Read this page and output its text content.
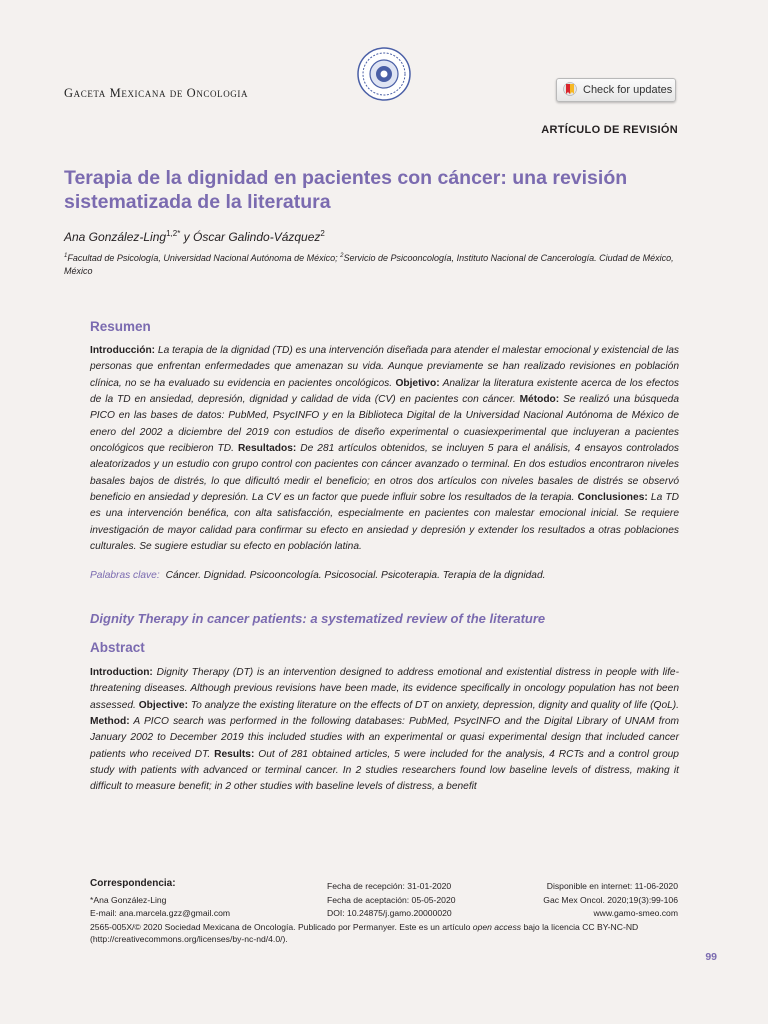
Gaceta Mexicana de Oncologia	Check for updates
ARTÍCULO DE REVISIÓN
Terapia de la dignidad en pacientes con cáncer: una revisión sistematizada de la literatura
Ana González-Ling$^{1,2*}$ y Óscar Galindo-Vázquez$^2$
$^1$Facultad de Psicología, Universidad Nacional Autónoma de México; $^2$Servicio de Psicooncología, Instituto Nacional de Cancerología. Ciudad de México, México
Resumen
Introducción: La terapia de la dignidad (TD) es una intervención diseñada para atender el malestar emocional y existencial de las personas que enfrentan enfermedades que amenazan su vida. Aunque previamente se han realizado revisiones en población clínica, no se ha evaluado su evidencia en pacientes oncológicos. Objetivo: Analizar la literatura existente acerca de los efectos de la TD en ansiedad, depresión, dignidad y calidad de vida (CV) en pacientes con cáncer. Método: Se realizó una búsqueda PICO en las bases de datos: PubMed, PsycINFO y en la Biblioteca Digital de la Universidad Nacional Autónoma de México de enero del 2002 a diciembre del 2019 con estudios de diseño experimental o cuasiexperimental que incluyeran a pacientes oncológicos que recibieron TD. Resultados: De 281 artículos obtenidos, se incluyen 5 para el análisis, 4 ensayos controlados aleatorizados y un estudio con grupo control con pacientes con cáncer avanzado o terminal. En dos estudios encontraron niveles basales bajos de distrés, lo que dificultó medir el beneficio; en otros dos artículos con niveles basales de distrés se observó beneficio en ansiedad y depresión. La CV es un factor que puede influir sobre los resultados de la terapia. Conclusiones: La TD es una intervención benéfica, con alta satisfacción, especialmente en pacientes con malestar emocional inicial. Se requiere investigación de mayor calidad para confirmar su efecto en ansiedad y depresión y extender los resultados a otras poblaciones culturales. Se sugiere estudiar su efecto en población latina.
Palabras clave: Cáncer. Dignidad. Psicooncología. Psicosocial. Psicoterapia. Terapia de la dignidad.
Dignity Therapy in cancer patients: a systematized review of the literature
Abstract
Introduction: Dignity Therapy (DT) is an intervention designed to address emotional and existential distress in people with life-threatening diseases. Although previous revisions have been made, its evidence specifically in oncology population has not been assessed. Objective: To analyze the existing literature on the effects of DT on anxiety, depression, dignity and quality of life (QoL). Method: A PICO search was performed in the following databases: PubMed, PsycINFO and the Digital Library of UNAM from January 2002 to December 2019 this included studies with an experimental or quasi experimental design that included cancer patients who received DT. Results: Out of 281 obtained articles, 5 were included for the analysis, 4 RCTs and a control group study with patients with advanced or terminal cancer. In 2 studies researchers found low baseline levels of distress, making it difficult to measure benefit; in 2 other studies with baseline levels of distress, a benefit
Correspondencia:
*Ana González-Ling
E-mail: ana.marcela.gzz@gmail.com
Fecha de recepción: 31-01-2020
Fecha de aceptación: 05-05-2020
DOI: 10.24875/j.gamo.20000020
Disponible en internet: 11-06-2020
Gac Mex Oncol. 2020;19(3):99-106
www.gamo-smeo.com
2565-005X/© 2020 Sociedad Mexicana de Oncología. Publicado por Permanyer. Este es un artículo open access bajo la licencia CC BY-NC-ND
(http://creativecommons.org/licenses/by-nc-nd/4.0/).
99
